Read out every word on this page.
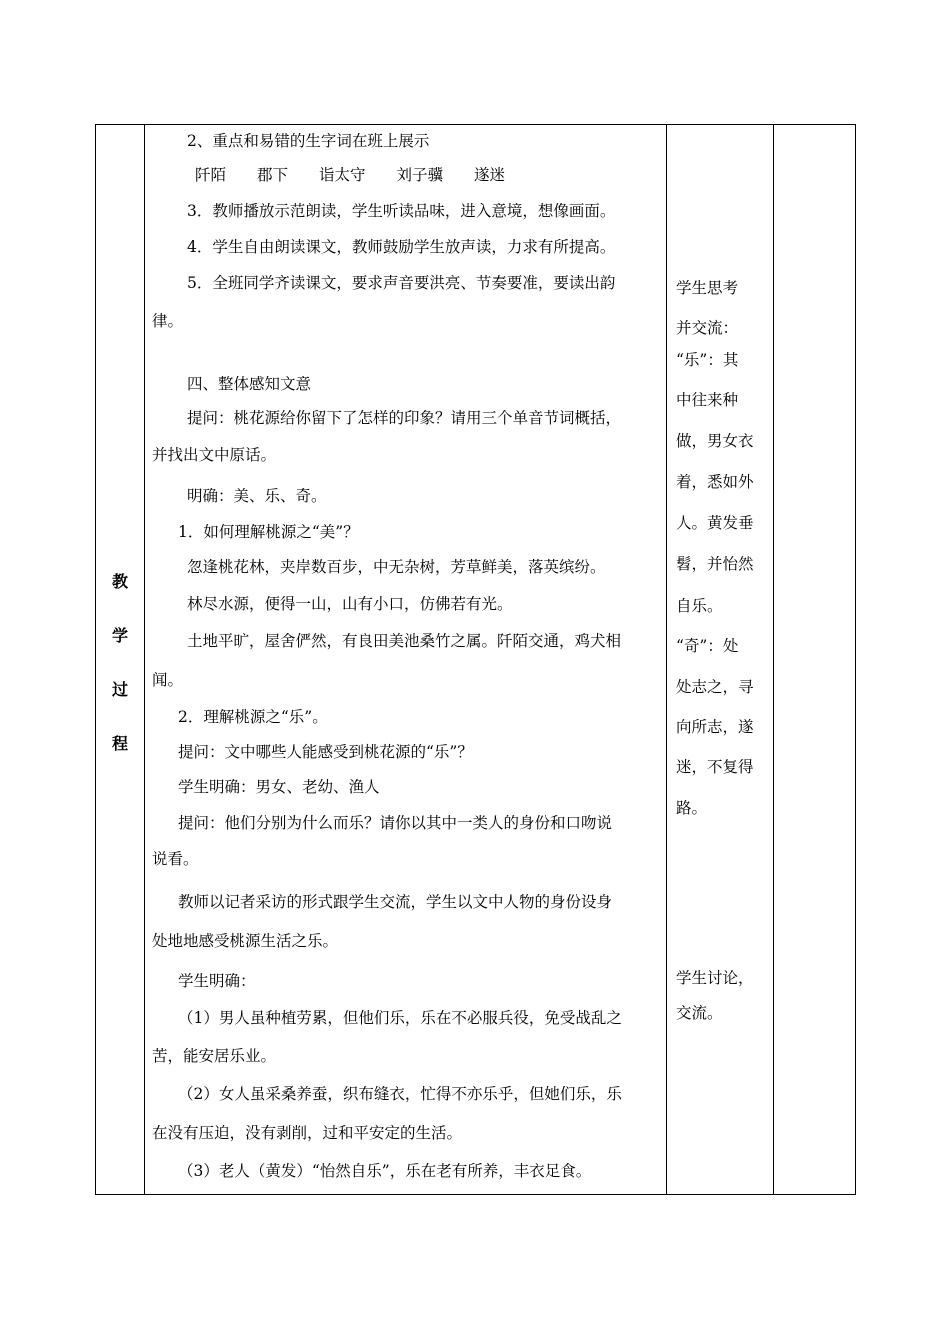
教
学
过
程
2、重点和易错的生字词在班上展示
阡陌　　郡下　　诣太守　　刘子骥　　遂迷
3．教师播放示范朗读，学生听读品味，进入意境，想像画面。
4．学生自由朗读课文，教师鼓励学生放声读，力求有所提高。
5．全班同学齐读课文，要求声音要洪亮、节奏要准，要读出韵
律。
四、整体感知文意
提问：桃花源给你留下了怎样的印象？请用三个单音节词概括，
并找出文中原话。
明确：美、乐、奇。
1．如何理解桃源之“美”？
忽逢桃花林，夹岸数百步，中无杂树，芳草鲜美，落英缤纷。
林尽水源，便得一山，山有小口，仿佛若有光。
土地平旷，屋舍俨然，有良田美池桑竹之属。阡陌交通，鸡犬相
闻。
2．理解桃源之“乐”。
提问：文中哪些人能感受到桃花源的“乐”？
学生明确：男女、老幼、渔人
提问：他们分别为什么而乐？请你以其中一类人的身份和口吻说
说看。
教师以记者采访的形式跟学生交流，学生以文中人物的身份设身
处地地感受桃源生活之乐。
学生明确：
（1）男人虽种植劳累，但他们乐，乐在不必服兵役，免受战乱之
苦，能安居乐业。
（2）女人虽采桑养蚕，织布缝衣，忙得不亦乐乎，但她们乐，乐
在没有压迫，没有剥削，过和平安定的生活。
（3）老人（黄发）“怡然自乐”，乐在老有所养，丰衣足食。
学生思考
并交流：
“乐”：其
中往来种
做，男女衣
着，悉如外
人。黄发垂
髫，并怡然
自乐。
“奇”：处
处志之，寻
向所志，遂
迷，不复得
路。
学生讨论，
交流。
